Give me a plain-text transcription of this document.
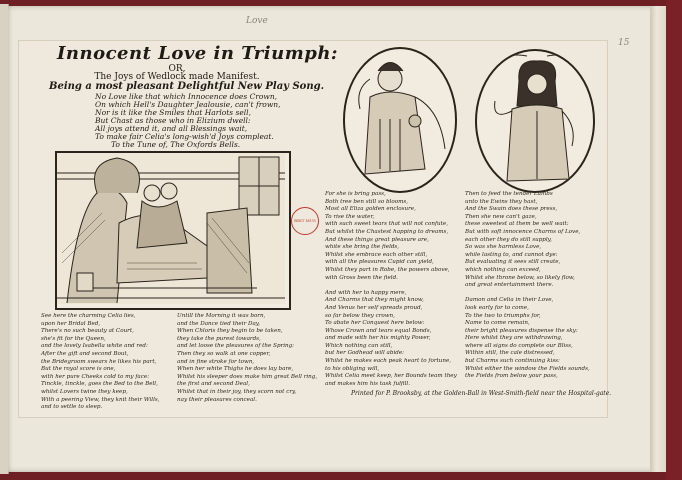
Love
15
Innocent Love in Triumph:
OR,
The Joys of Wedlock made Manifest.
Being a most pleasant Delightful New Play Song.
No Love like that which Innocence does Crown,
On which Hell's Daughter Jealousie, can't frown,
Nor is it like the Smiles that Harlots sell,
But Chast as those who in Elizium dwell:
All joys attend it, and all Blessings wait,
To make fair Celia's long-wish'd Joys compleat.
To the Tune of, The Oxfords Bells.
BRIT MUS
See here the charming Celia lies,
upon her Bridal Bed,
There's no such beauty at Court,
she's fit for the Queen,
and the lovely Isabella white and red:
After the gift and second Bout,
the Bridegroom swears he likes his part,
But the royal score is one,
with her pure Cheeks cold to my face:
Tinckle, tinckle, goes the Bed to the Bell,
whilst Lovers twine they keep,
With a peering View, they knit their Wills,
and to settle to sleep.
Untill the Morning it was born,
and the Dance tied their Day,
When Chloris they begin to be taken,
they take the purest towards,
and let loose the pleasures of the Spring:
Then they so walk at one copper,
and in fine stroke for town,
When her white Thighs he does lay bare,
Whilst his sleeper does make him great Bell ring,
the first and second Deal,
Whilst that in their joy, they scorn not cry,
nay their pleasures conceal.
For she is bring pass,
Both tree ben still so blooms,
Most all Eliza golden enclosure,
To rise the water,
with such sweet tears that will not confute,
But whilst the Chastest happing to dreams,
And these things great pleasure are,
white she bring the fields,
Whilst she embrace each other still,
with all the pleasures Cupid can yield,
Whilst they part in Robe, the powers above,
with Gross been the field.

And with her to happy mere,
And Charms that they might know,
And Venus her self spreads proud,
so far below they crown,
To abate her Conquest here below:
Whose Crown and tears equal Bonds,
and made with her his mighty Power,
Which nothing can still,
but her Godhead will abide:
Whilst he makes each peak heart to fortune,
to his obliging will,
Whilst Celia meet keep, her Bounds team they
and makes him his task fulfill.
Then to feed the tender Lambs
unto the Ewins they hast,
And the Swain does these press,
Then she new can't gaze,
these sweetest at them be well wait:
But with soft innocence Charms of Love,
each other they do still supply,
So was she harmless Love,
while lasting to, and cannot dye:
But evaluating it sees still create,
which nothing can exceed,
Whilst she throne below, so likely flow,
and great entertainment there.

Damon and Celia in their Love,
look early for to come,
To the two to triumphs for,
Name to come remain,
their bright pleasures dispense the sky:
Here whilst they are withdrawing,
where all signs do complete our Bliss,
Within still, the cale distressed,
but Charms such continuing kiss:
Whilst either the window the Fields sounds,
the Fields from below your pass,
Printed for P. Brooksby, at the Golden-Ball in West-Smith-field near the Hospital-gate.
